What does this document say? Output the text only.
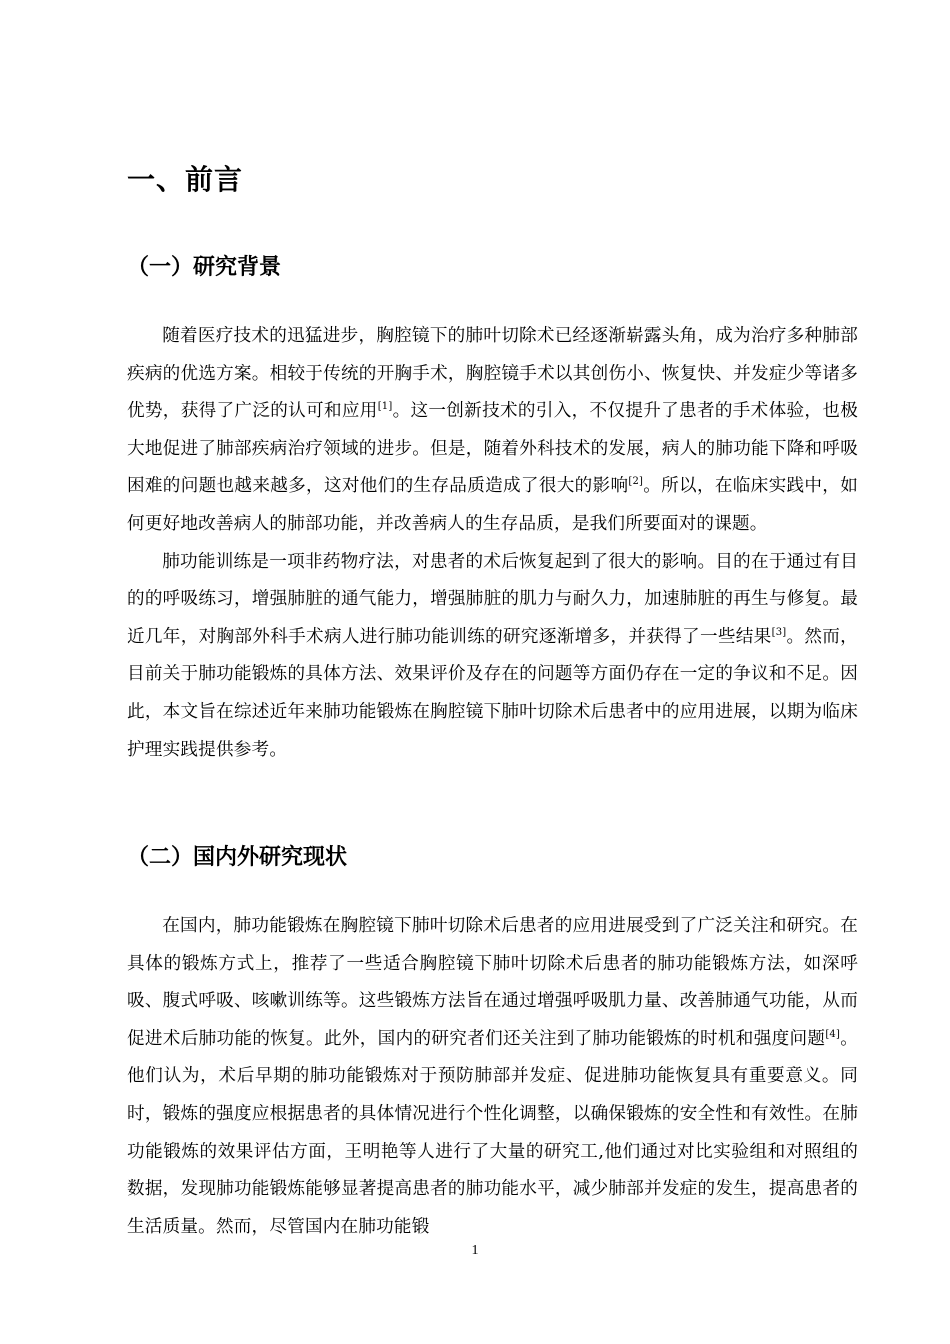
一、前言
（一）研究背景

随着医疗技术的迅猛进步，胸腔镜下的肺叶切除术已经逐渐崭露头角，成为治疗多种肺部疾病的优选方案。相较于传统的开胸手术，胸腔镜手术以其创伤小、恢复快、并发症少等诸多优势，获得了广泛的认可和应用[1]。这一创新技术的引入，不仅提升了患者的手术体验，也极大地促进了肺部疾病治疗领域的进步。但是，随着外科技术的发展，病人的肺功能下降和呼吸困难的问题也越来越多，这对他们的生存品质造成了很大的影响[2]。所以，在临床实践中，如何更好地改善病人的肺部功能，并改善病人的生存品质，是我们所要面对的课题。

肺功能训练是一项非药物疗法，对患者的术后恢复起到了很大的影响。目的在于通过有目的的呼吸练习，增强肺脏的通气能力，增强肺脏的肌力与耐久力，加速肺脏的再生与修复。最近几年，对胸部外科手术病人进行肺功能训练的研究逐渐增多，并获得了一些结果[3]。然而，目前关于肺功能锻炼的具体方法、效果评价及存在的问题等方面仍存在一定的争议和不足。因此，本文旨在综述近年来肺功能锻炼在胸腔镜下肺叶切除术后患者中的应用进展，以期为临床护理实践提供参考。

（二）国内外研究现状

在国内，肺功能锻炼在胸腔镜下肺叶切除术后患者的应用进展受到了广泛关注和研究。在具体的锻炼方式上，推荐了一些适合胸腔镜下肺叶切除术后患者的肺功能锻炼方法，如深呼吸、腹式呼吸、咳嗽训练等。这些锻炼方法旨在通过增强呼吸肌力量、改善肺通气功能，从而促进术后肺功能的恢复。此外，国内的研究者们还关注到了肺功能锻炼的时机和强度问题[4]。他们认为，术后早期的肺功能锻炼对于预防肺部并发症、促进肺功能恢复具有重要意义。同时，锻炼的强度应根据患者的具体情况进行个性化调整，以确保锻炼的安全性和有效性。在肺功能锻炼的效果评估方面，王明艳等人进行了大量的研究工,他们通过对比实验组和对照组的数据，发现肺功能锻炼能够显著提高患者的肺功能水平，减少肺部并发症的发生，提高患者的生活质量。然而，尽管国内在肺功能锻

1
